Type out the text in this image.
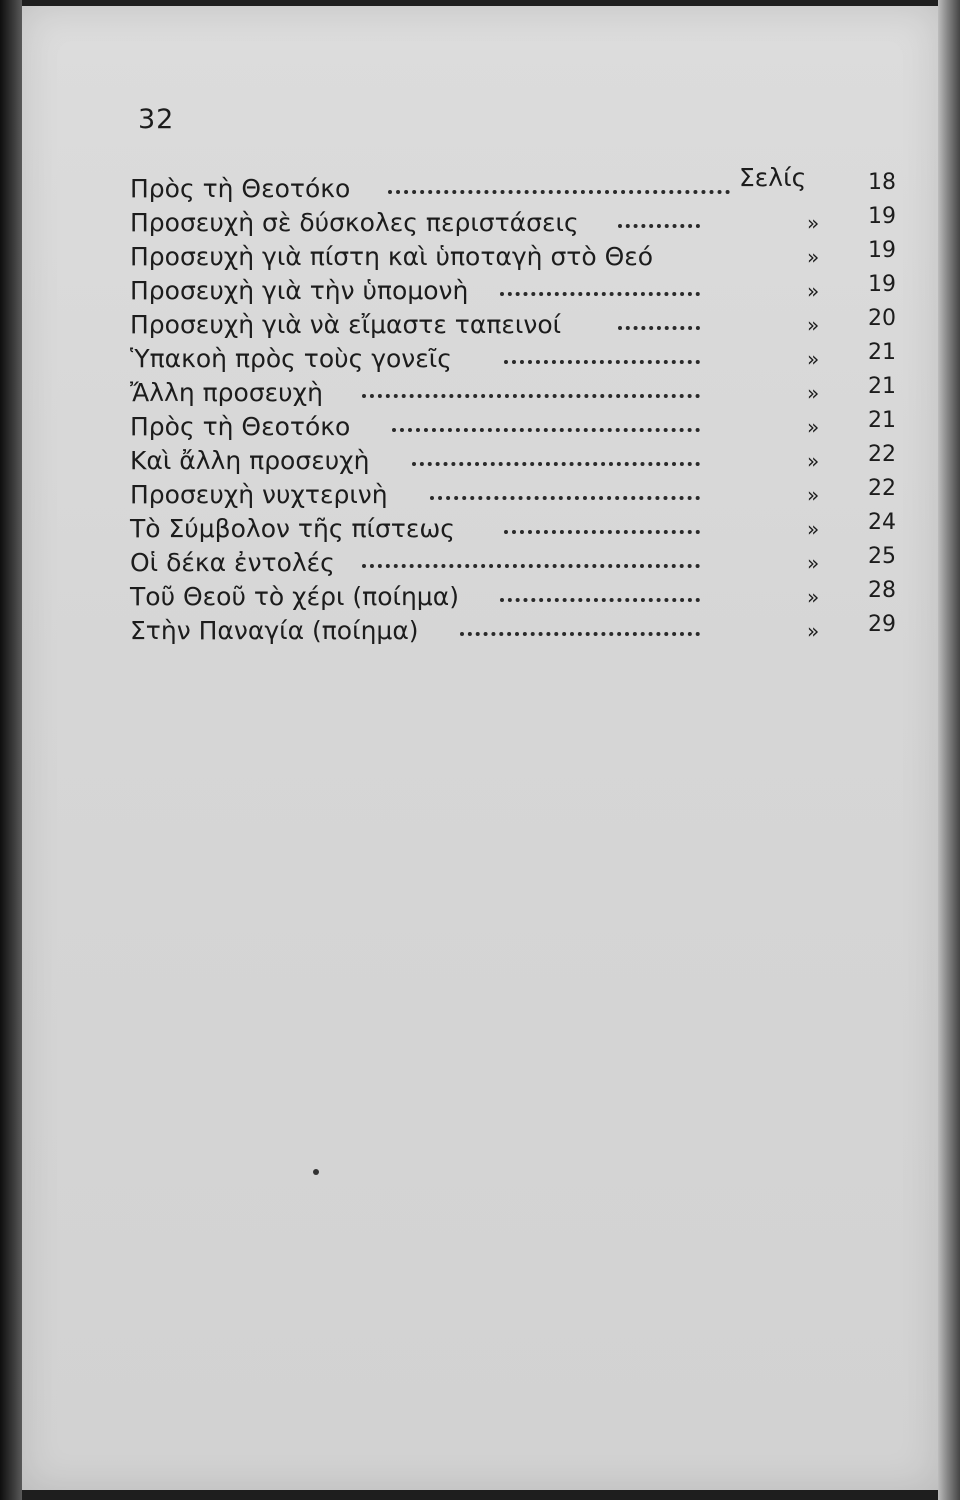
32
Σελίς
Πρὸς τὴ Θεοτόκο	18
Προσευχὴ σὲ δύσκολες περιστάσεις	»	19
Προσευχὴ γιὰ πίστη καὶ ὑποταγὴ στὸ Θεό	»	19
Προσευχὴ γιὰ τὴν ὑπομονὴ	»	19
Προσευχὴ γιὰ νὰ εἴμαστε ταπεινοί	»	20
Ὑπακοὴ πρὸς τοὺς γονεῖς	»	21
Ἄλλη προσευχὴ	»	21
Πρὸς τὴ Θεοτόκο	»	21
Καὶ ἄλλη προσευχὴ	»	22
Προσευχὴ νυχτερινὴ	»	22
Τὸ Σύμβολον τῆς πίστεως	»	24
Οἱ δέκα ἐντολές	»	25
Τοῦ Θεοῦ τὸ χέρι (ποίημα)	»	28
Στὴν Παναγία (ποίημα)	»	29
